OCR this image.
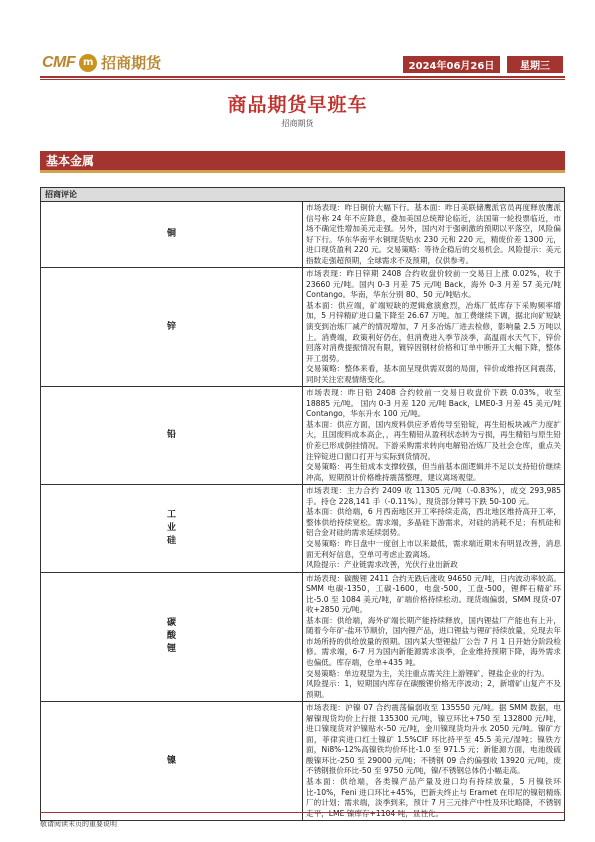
CMF m 招商期货	2024年06月26日	星期三
商品期货早班车
招商期货
基本金属
招商评论	

铜	市场表现：昨日铜价大幅下行。基本面：昨日美联储鹰派官员再度释放鹰派信号称 24 年不应降息，叠加美国总统辩论临近，法国第一轮投票临近，市场不确定性增加美元走强。另外，国内对于强刺激的预期以平落空，风险偏好下行。华东华南平水铜现货贴水 230 元和 220 元，精废价差 1300 元，进口现货盈利 220 元。交易策略：等待企稳后的交易机会。风险提示：美元指数走强超预期，全球需求不及预期，仅供参考。

锌	市场表现：昨日锌期 2408 合约收盘价较前一交易日上涨 0.02%，收于 23660 元/吨。国内 0-3 月差 75 元/吨 Back，海外 0-3 月差 57 美元/吨 Contango。华南，华东分别 80、50 元/吨贴水。

基本面：供应端，矿端短缺的逻辑愈演愈烈，冶炼厂低库存下采购频率增加，5 月锌精矿进口量下降至 26.67 万吨。加工费继续下调，据北向矿短缺演变到冶炼厂减产的情况增加，7 月多冶炼厂进去检修，影响量 2.5 万吨以上。消费端，政策利好仍在，但消费进入季节淡季，高温雨水天气下，锌价回落对消费提振情况有限，镀锌因钢材价格和订单中断开工大幅下降，整体开工弱势。

交易策略：整体来看，基本面呈现供需双弱的局面，锌价或维持区间震荡，同时关注宏观情绪变化。

铅	市场表现：昨日铅 2408 合约较前一交易日收盘价下跌 0.03%，收至 18885 元/吨。 国内 0-3 月差 120 元/吨 Back，LME0-3 月差 45 美元/吨 Contango，华东升水 100 元/吨。

基本面：供应方面，国内废料供应矛盾传导至铅锭，再生铅板块减产力度扩大，且国废料成本高企，，再生精铅从盈利状态转为亏损，再生精铅与原生铅价差已形成倒挂情况。下游采购需求转向电解铅冶炼厂及社会仓库，重点关注锌锭进口窗口打开与实际到货情况。

交易策略：再生铅成本支撑较强，但当前基本面逻辑并不足以支持铅价继续冲高，短期预计价格维持震荡整理，建议离场观望。

工业硅	市场表现：主力合约 2409 收 11305 元/吨（-0.83%），成交 293,985 手。持仓 228,141 手（-0.11%）。现货部分牌号下跌 50-100 元。

基本面：供给端，6 月西南地区开工率持续走高，西北地区维持高开工率，整体供给持续宽松。需求端，多晶硅下游需求，对硅的消耗不足；有机硅和铝合金对硅的需求延续弱势。

交易策略：昨日盘中一度创上市以来最低，需求端近期未有明显改善，消息面无利好信息，空单可考虑止盈离场。

风险提示：产业链需求改善，光伏行业出新政

碳酸锂	市场表现：碳酸锂 2411 合约无跌后涨收 94650 元/吨，日内波动率较高。SMM 电碳-1350，工碳-1600，电盘-500，工盘-500，锂辉石精矿环比-5.0 至 1084 美元/吨，矿端价格持续松动。现货端偏弱，SMM 现货-07 收+2850 元/吨。

基本面：供给端，海外矿端长期产能持续释放，国内锂盐厂产能也有上升，随着今年矿-盐环节顺价，国内锂产品，进口锂盐与锂矿持续放量，兑现去年市场所持的供给放量的预期。国内某大型锂盐厂公告 7 月 1 日开始分阶段检修。需求端，6-7 月为国内新能源需求淡季，企业维持预期下降，海外需求也偏低。库存端，仓单+435 吨。

交易策略：单边观望为主，关注重点需关注上游锂矿、锂盐企业的行为。

风险提示：1，短期国内库存在碳酸锂价格无序波动；2，新增矿山复产不及预期。

镍	市场表现：沪镍 07 合约震荡偏弱收至 135550 元/吨。据 SMM 数据，电解镍现货均价上行报 135300 元/吨，镍豆环比+750 至 132800 元/吨，进口镍现货对沪镍贴水-50 元/吨，金川镍现货均升水 2050 元/吨。镍矿方面，菲律宾进口红土镍矿 1.5%CIF 环比持平至 45.5 美元/湿吨；镍铁方面，Ni8%-12%高镍铁均价环比-1.0 至 971.5 元；新能源方面，电池级硫酸镍环比-250 至 29000 元/吨；不锈钢 09 合约偏强收 13920 元/吨，废不锈钢报价环比-50 至 9750 元/吨，镍/不锈钢总体仍小幅走高。

基本面：供给端，各类镍产品产量及进口均有持续放量，5 月镍铁环比-10%，Feni 进口环比+45%，巴新夫终止与 Eramet 在印尼的镍铝精炼厂的计划；需求端，淡季到来，预计 7 月三元排产中性及环比略降，不锈钢走平，LME 镍库存+1104 吨，显性化。

敬请阅读末页的重要说明
